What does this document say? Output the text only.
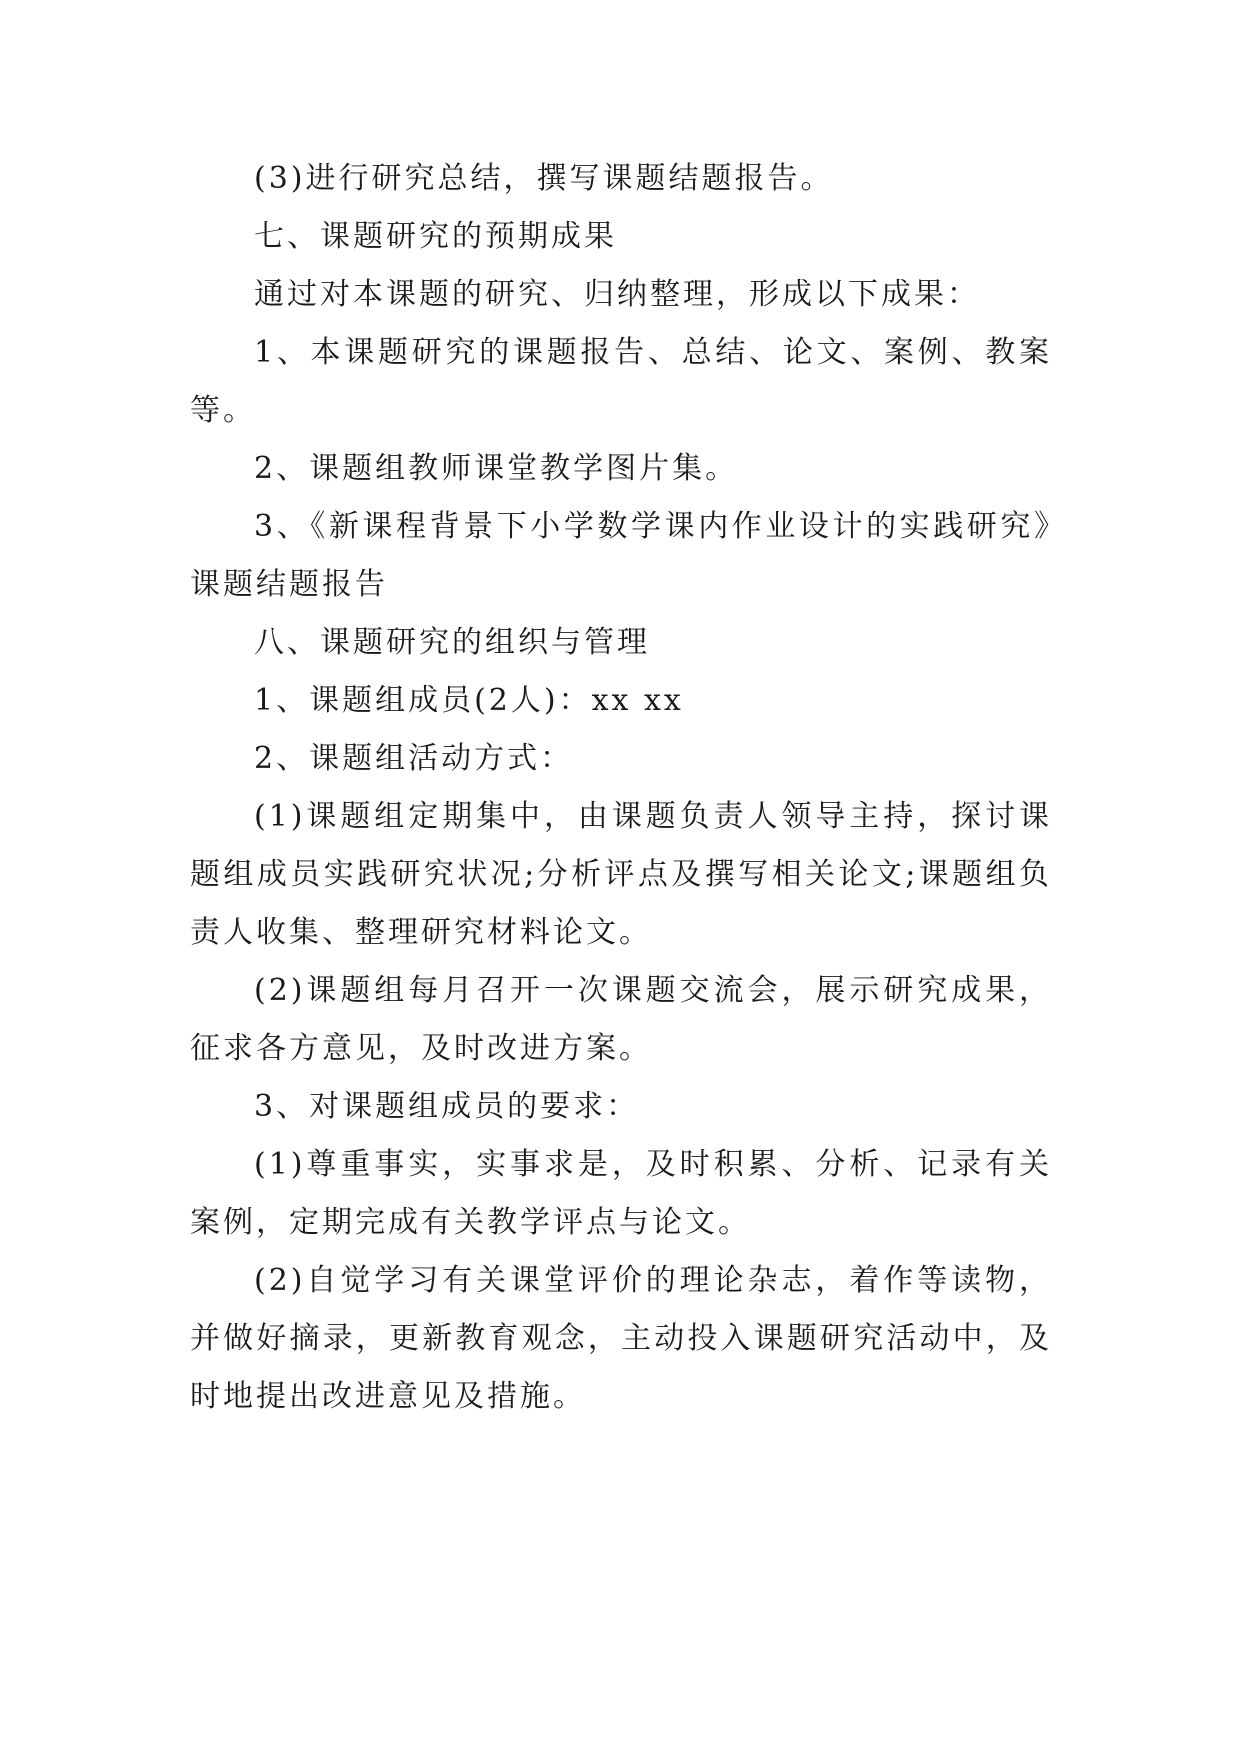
(3)进行研究总结，撰写课题结题报告。

七、课题研究的预期成果

通过对本课题的研究、归纳整理，形成以下成果：

1、本课题研究的课题报告、总结、论文、案例、教案等。

2、课题组教师课堂教学图片集。

3、《新课程背景下小学数学课内作业设计的实践研究》课题结题报告

八、课题研究的组织与管理

1、课题组成员(2人)：xx xx

2、课题组活动方式：

(1)课题组定期集中，由课题负责人领导主持，探讨课题组成员实践研究状况;分析评点及撰写相关论文;课题组负责人收集、整理研究材料论文。

(2)课题组每月召开一次课题交流会，展示研究成果，征求各方意见，及时改进方案。

3、对课题组成员的要求：

(1)尊重事实，实事求是，及时积累、分析、记录有关案例，定期完成有关教学评点与论文。

(2)自觉学习有关课堂评价的理论杂志，着作等读物，并做好摘录，更新教育观念，主动投入课题研究活动中，及时地提出改进意见及措施。
